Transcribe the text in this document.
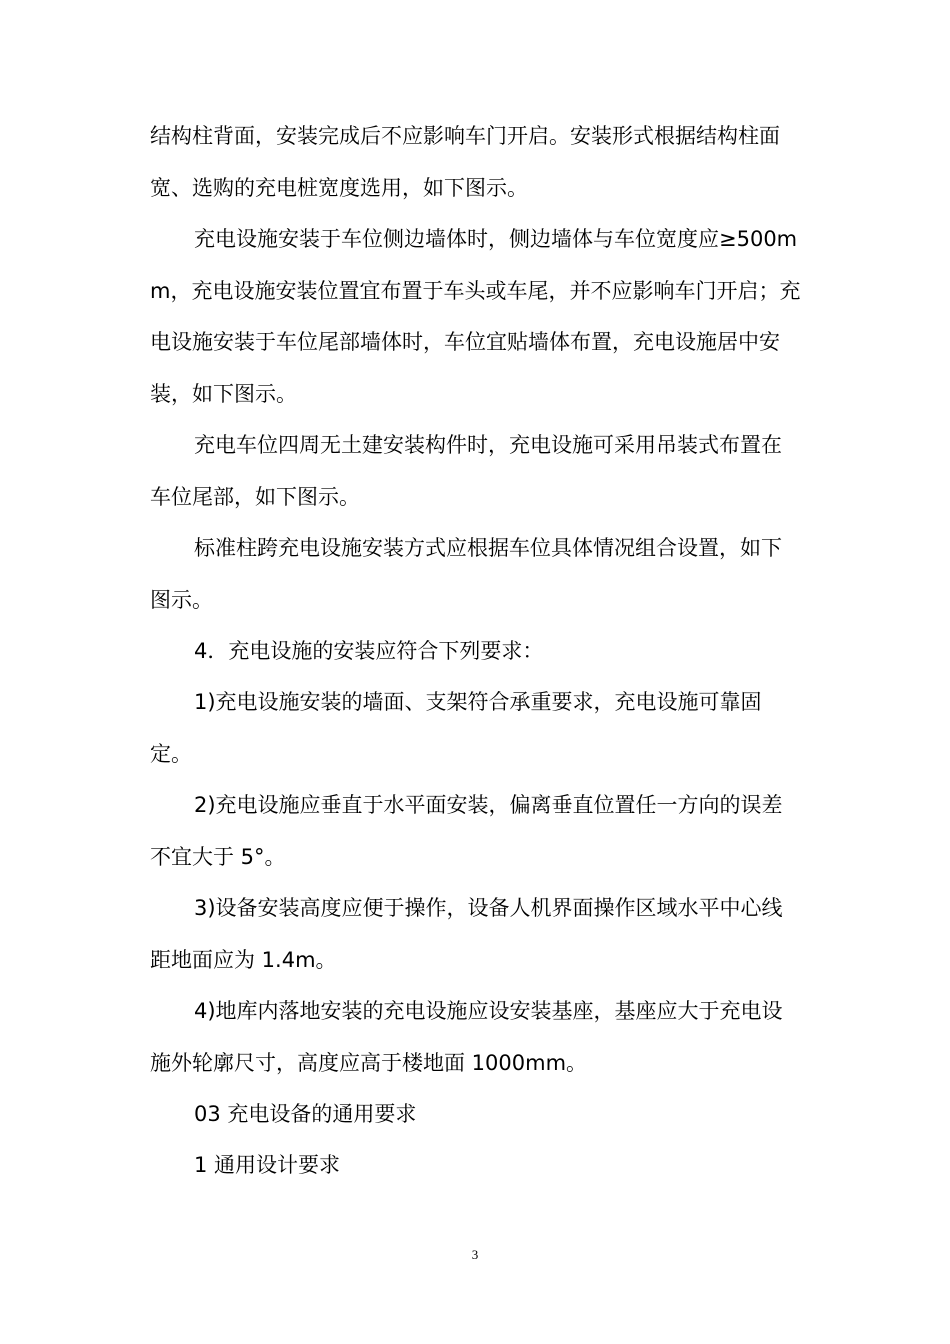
结构柱背面，安装完成后不应影响车门开启。安装形式根据结构柱面宽、选购的充电桩宽度选用，如下图示。

充电设施安装于车位侧边墙体时，侧边墙体与车位宽度应≥500mm，充电设施安装位置宜布置于车头或车尾，并不应影响车门开启；充电设施安装于车位尾部墙体时，车位宜贴墙体布置，充电设施居中安装，如下图示。

充电车位四周无土建安装构件时，充电设施可采用吊装式布置在车位尾部，如下图示。

标准柱跨充电设施安装方式应根据车位具体情况组合设置，如下图示。

4．充电设施的安装应符合下列要求：

1)充电设施安装的墙面、支架符合承重要求，充电设施可靠固定。

2)充电设施应垂直于水平面安装，偏离垂直位置任一方向的误差不宜大于 5°。

3)设备安装高度应便于操作，设备人机界面操作区域水平中心线距地面应为 1.4m。

4)地库内落地安装的充电设施应设安装基座，基座应大于充电设施外轮廓尺寸，高度应高于楼地面 1000mm。

03 充电设备的通用要求

1 通用设计要求

3
